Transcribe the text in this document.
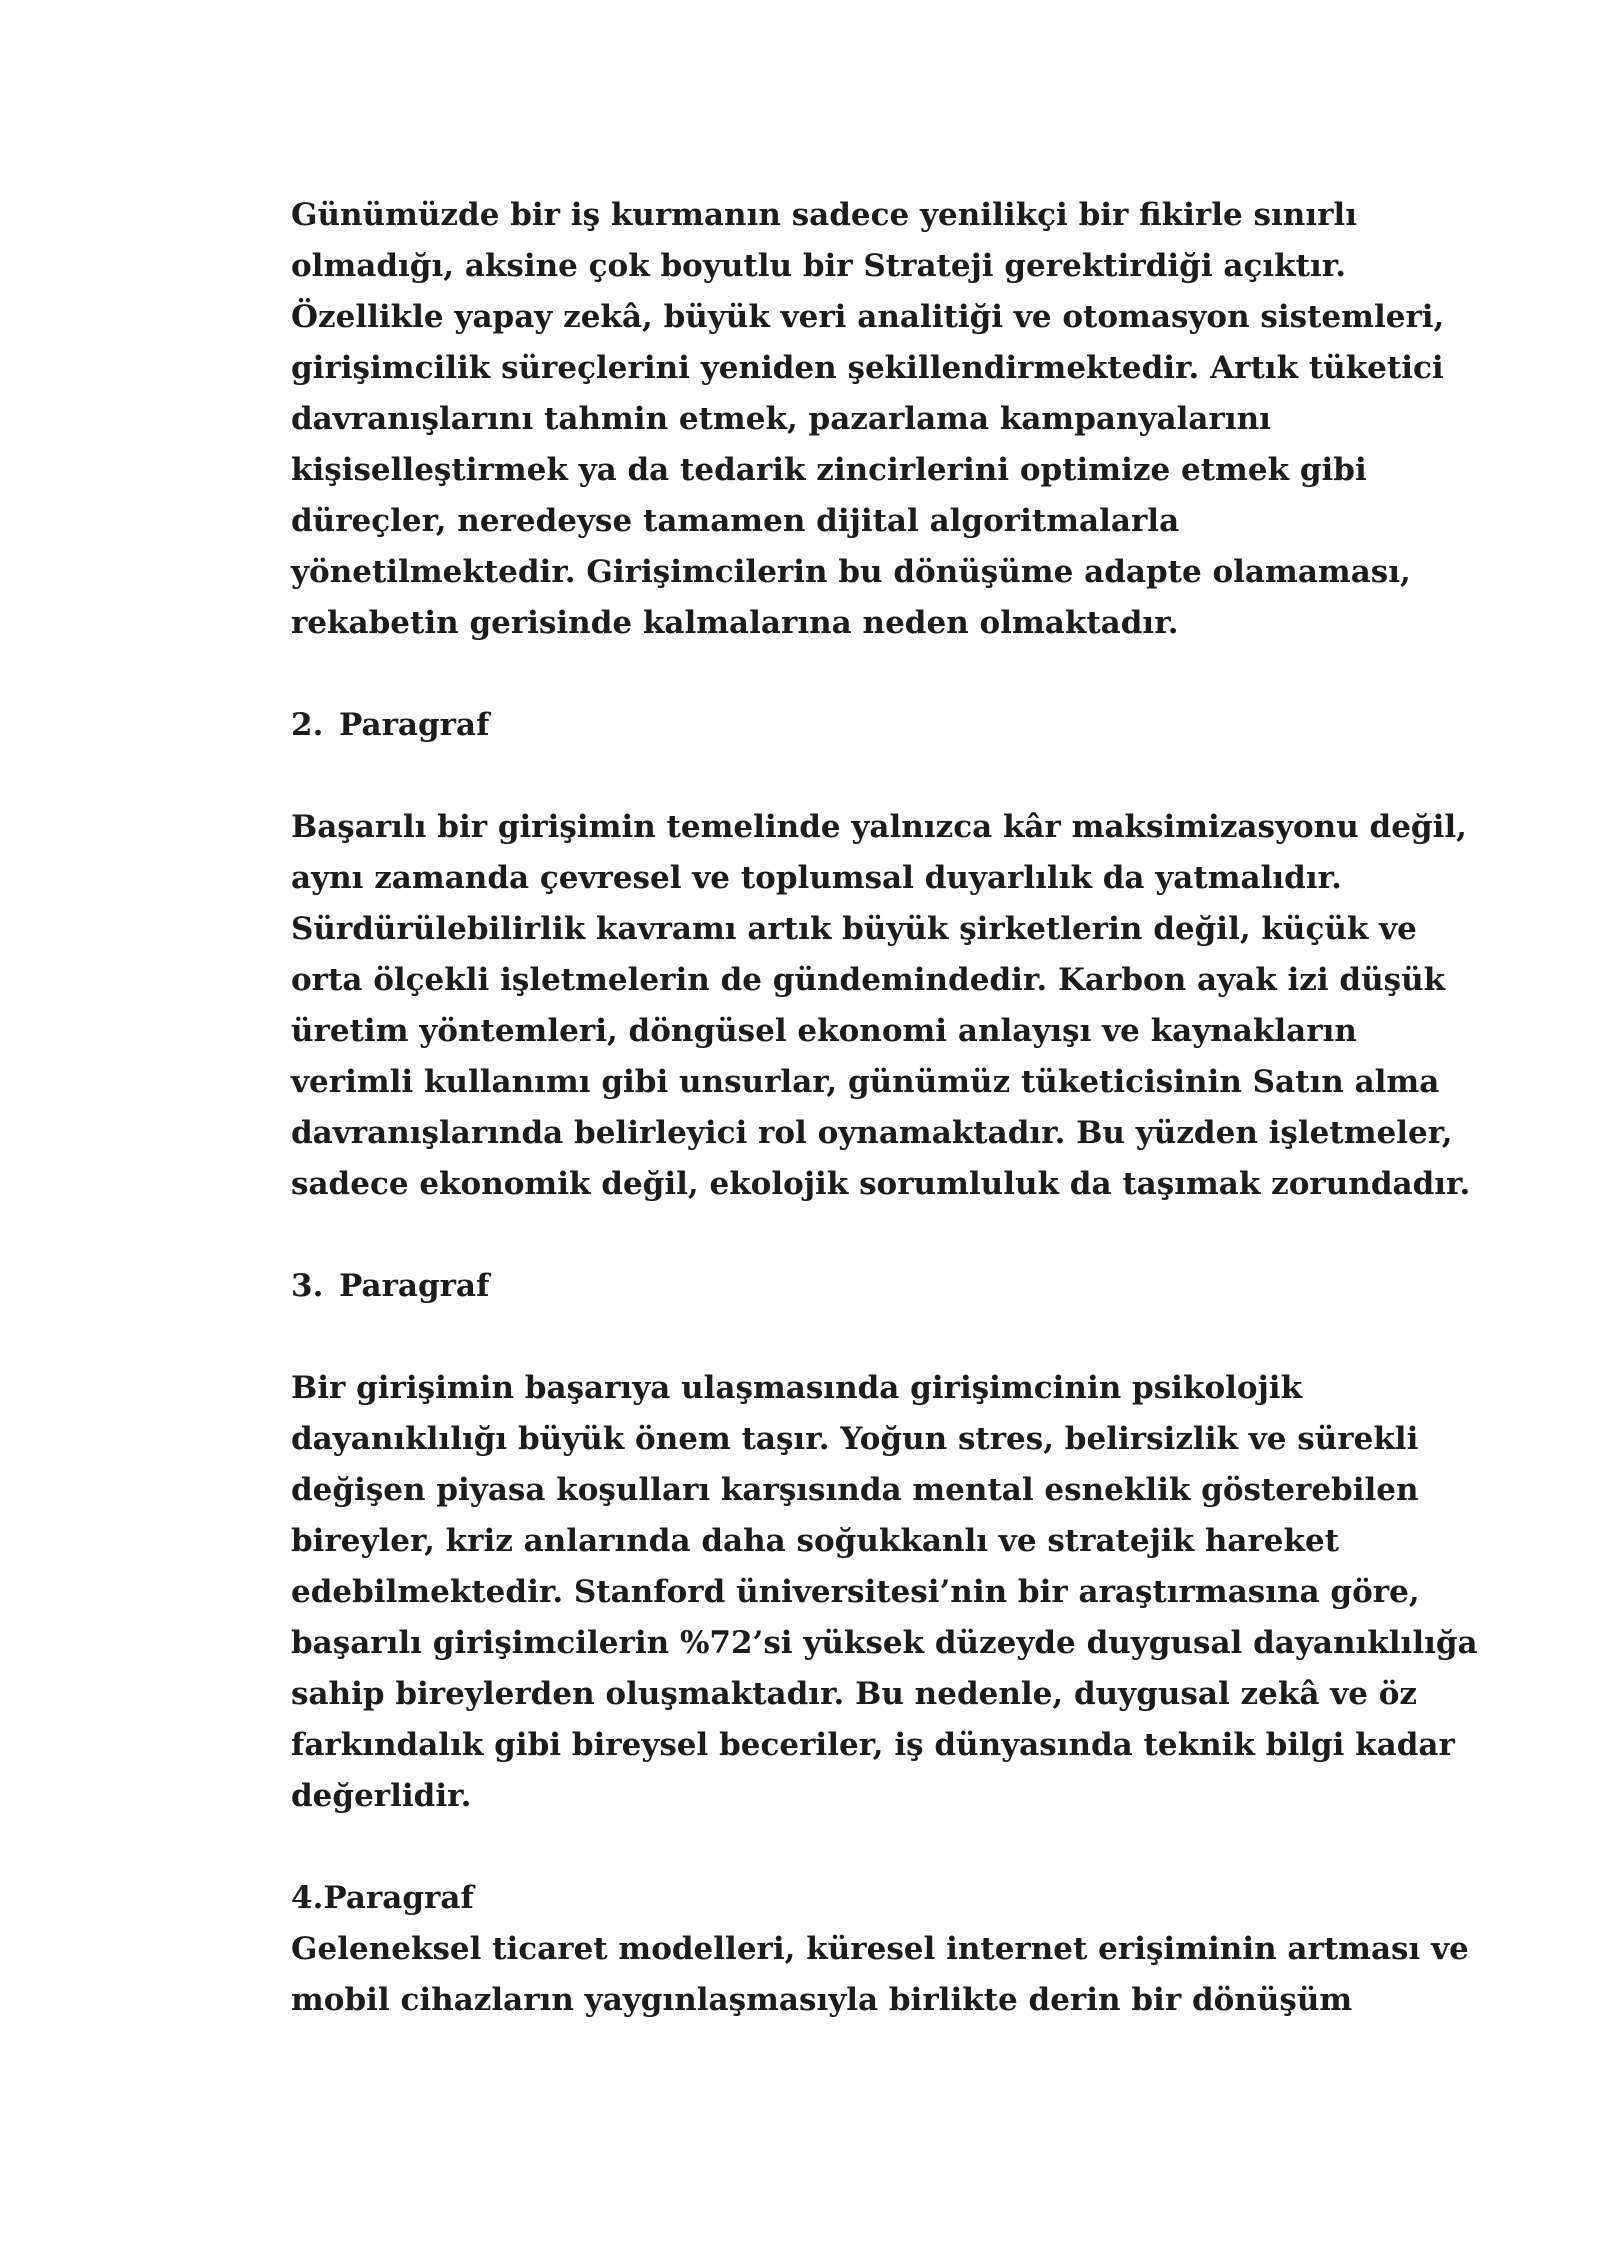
Günümüzde bir iş kurmanın sadece yenilikçi bir fikirle sınırlı
olmadığı, aksine çok boyutlu bir Strateji gerektirdiği açıktır.
Özellikle yapay zekâ, büyük veri analitiği ve otomasyon sistemleri,
girişimcilik süreçlerini yeniden şekillendirmektedir. Artık tüketici
davranışlarını tahmin etmek, pazarlama kampanyalarını
kişiselleştirmek ya da tedarik zincirlerini optimize etmek gibi
düreçler, neredeyse tamamen dijital algoritmalarla
yönetilmektedir. Girişimcilerin bu dönüşüme adapte olamaması,
rekabetin gerisinde kalmalarına neden olmaktadır.
2. Paragraf
Başarılı bir girişimin temelinde yalnızca kâr maksimizasyonu değil,
aynı zamanda çevresel ve toplumsal duyarlılık da yatmalıdır.
Sürdürülebilirlik kavramı artık büyük şirketlerin değil, küçük ve
orta ölçekli işletmelerin de gündemindedir. Karbon ayak izi düşük
üretim yöntemleri, döngüsel ekonomi anlayışı ve kaynakların
verimli kullanımı gibi unsurlar, günümüz tüketicisinin Satın alma
davranışlarında belirleyici rol oynamaktadır. Bu yüzden işletmeler,
sadece ekonomik değil, ekolojik sorumluluk da taşımak zorundadır.
3. Paragraf
Bir girişimin başarıya ulaşmasında girişimcinin psikolojik
dayanıklılığı büyük önem taşır. Yoğun stres, belirsizlik ve sürekli
değişen piyasa koşulları karşısında mental esneklik gösterebilen
bireyler, kriz anlarında daha soğukkanlı ve stratejik hareket
edebilmektedir. Stanford üniversitesi’nin bir araştırmasına göre,
başarılı girişimcilerin %72’si yüksek düzeyde duygusal dayanıklılığa
sahip bireylerden oluşmaktadır. Bu nedenle, duygusal zekâ ve öz
farkındalık gibi bireysel beceriler, iş dünyasında teknik bilgi kadar
değerlidir.
4.Paragraf
Geleneksel ticaret modelleri, küresel internet erişiminin artması ve
mobil cihazların yaygınlaşmasıyla birlikte derin bir dönüşüm
